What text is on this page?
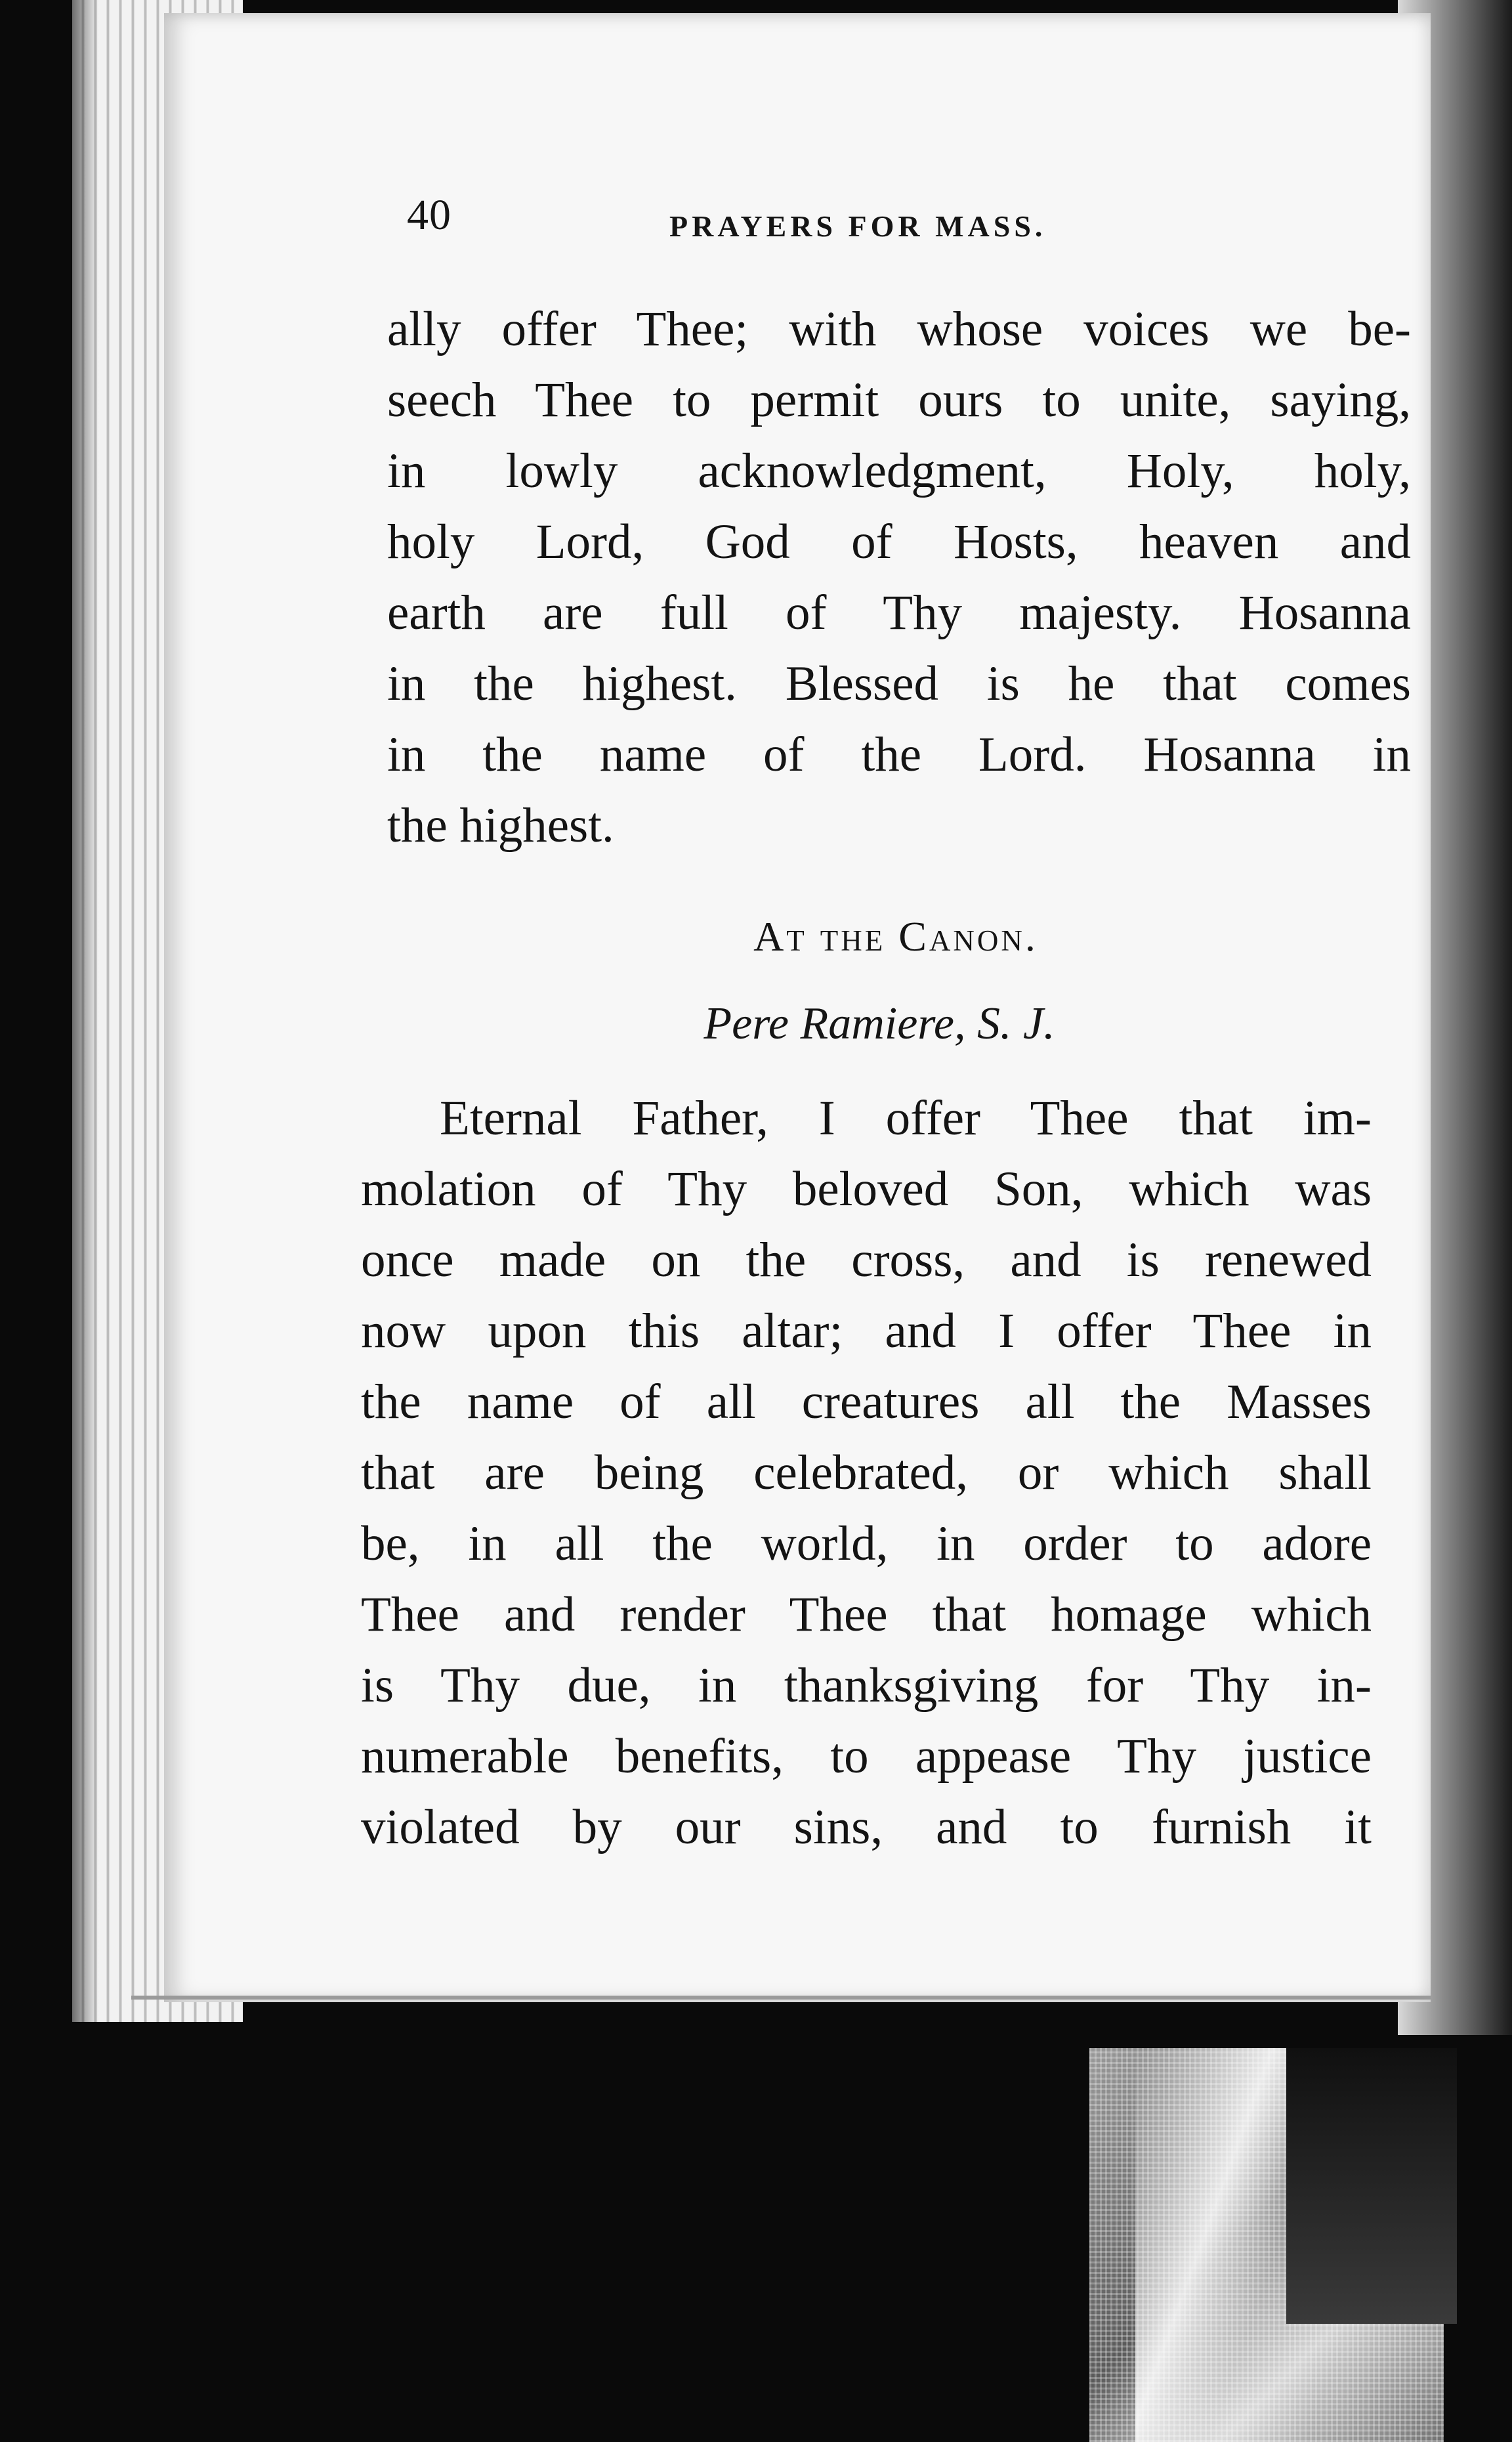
40	PRAYERS FOR MASS.
ally offer Thee; with whose voices we be-
seech Thee to permit ours to unite, saying,
in lowly acknowledgment, Holy, holy,
holy Lord, God of Hosts, heaven and
earth are full of Thy majesty. Hosanna
in the highest. Blessed is he that comes
in the name of the Lord. Hosanna in
the highest.
At the Canon.
Pere Ramiere, S. J.
Eternal Father, I offer Thee that im-
molation of Thy beloved Son, which was
once made on the cross, and is renewed
now upon this altar; and I offer Thee in
the name of all creatures all the Masses
that are being celebrated, or which shall
be, in all the world, in order to adore
Thee and render Thee that homage which
is Thy due, in thanksgiving for Thy in-
numerable benefits, to appease Thy justice
violated by our sins, and to furnish it
